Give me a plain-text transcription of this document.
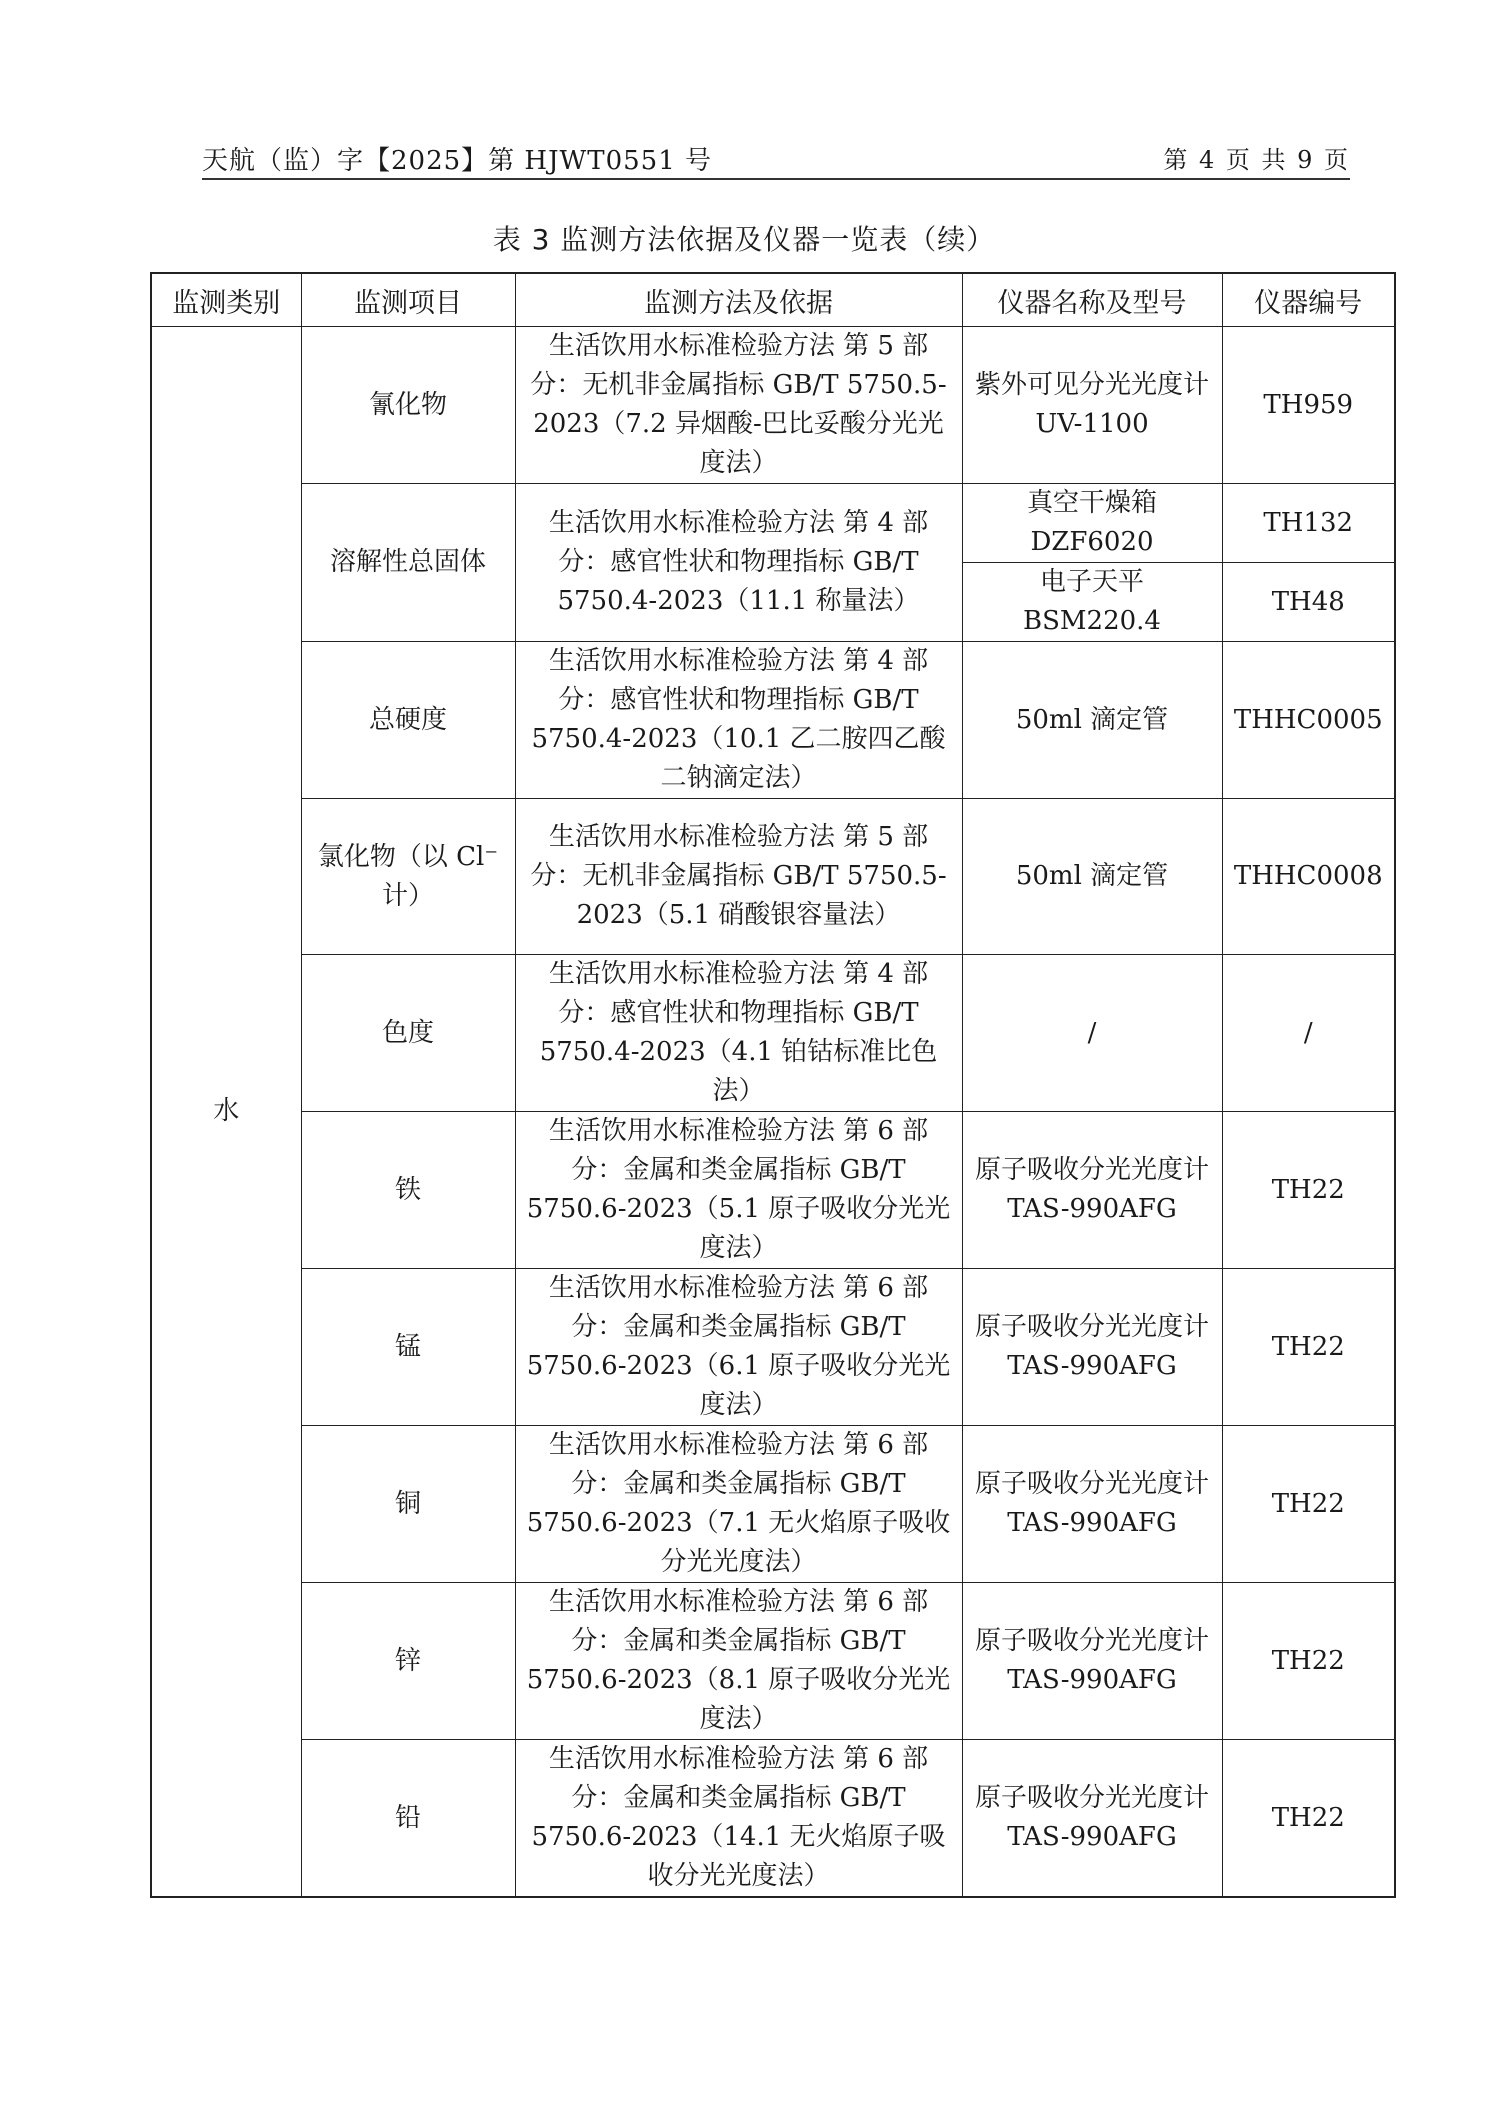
天航（监）字【2025】第 HJWT0551 号	第 4 页 共 9 页
表 3 监测方法依据及仪器一览表（续）
监测类别	监测项目	监测方法及依据	仪器名称及型号	仪器编号
水	氰化物	生活饮用水标准检验方法 第 5 部分：无机非金属指标 GB/T 5750.5-2023（7.2 异烟酸-巴比妥酸分光光度法）	紫外可见分光光度计 UV-1100	TH959
	溶解性总固体	生活饮用水标准检验方法 第 4 部分：感官性状和物理指标 GB/T 5750.4-2023（11.1 称量法）	真空干燥箱 DZF6020	TH132
			电子天平 BSM220.4	TH48
	总硬度	生活饮用水标准检验方法 第 4 部分：感官性状和物理指标 GB/T 5750.4-2023（10.1 乙二胺四乙酸二钠滴定法）	50ml 滴定管	THHC0005
	氯化物（以 Cl⁻计）	生活饮用水标准检验方法 第 5 部分：无机非金属指标 GB/T 5750.5-2023（5.1 硝酸银容量法）	50ml 滴定管	THHC0008
	色度	生活饮用水标准检验方法 第 4 部分：感官性状和物理指标 GB/T 5750.4-2023（4.1 铂钴标准比色法）	/	/
	铁	生活饮用水标准检验方法 第 6 部分：金属和类金属指标 GB/T 5750.6-2023（5.1 原子吸收分光光度法）	原子吸收分光光度计 TAS-990AFG	TH22
	锰	生活饮用水标准检验方法 第 6 部分：金属和类金属指标 GB/T 5750.6-2023（6.1 原子吸收分光光度法）	原子吸收分光光度计 TAS-990AFG	TH22
	铜	生活饮用水标准检验方法 第 6 部分：金属和类金属指标 GB/T 5750.6-2023（7.1 无火焰原子吸收分光光度法）	原子吸收分光光度计 TAS-990AFG	TH22
	锌	生活饮用水标准检验方法 第 6 部分：金属和类金属指标 GB/T 5750.6-2023（8.1 原子吸收分光光度法）	原子吸收分光光度计 TAS-990AFG	TH22
	铅	生活饮用水标准检验方法 第 6 部分：金属和类金属指标 GB/T 5750.6-2023（14.1 无火焰原子吸收分光光度法）	原子吸收分光光度计 TAS-990AFG	TH22
